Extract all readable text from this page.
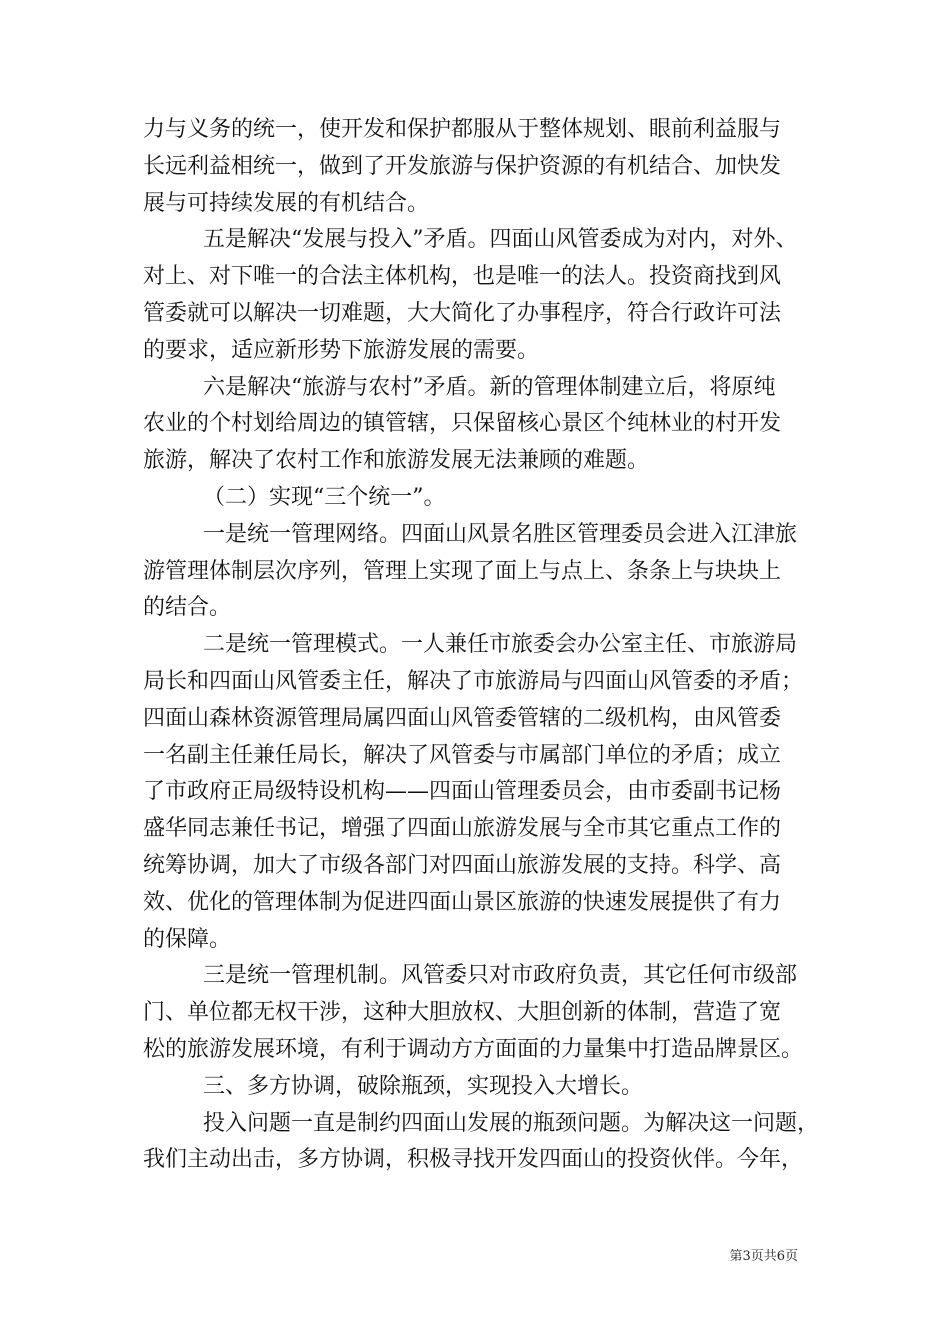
力与义务的统一，使开发和保护都服从于整体规划、眼前利益服与
长远利益相统一，做到了开发旅游与保护资源的有机结合、加快发
展与可持续发展的有机结合。
五是解决“发展与投入”矛盾。四面山风管委成为对内，对外、
对上、对下唯一的合法主体机构，也是唯一的法人。投资商找到风
管委就可以解决一切难题，大大简化了办事程序，符合行政许可法
的要求，适应新形势下旅游发展的需要。
六是解决“旅游与农村”矛盾。新的管理体制建立后，将原纯
农业的个村划给周边的镇管辖，只保留核心景区个纯林业的村开发
旅游，解决了农村工作和旅游发展无法兼顾的难题。
（二）实现“三个统一”。
一是统一管理网络。四面山风景名胜区管理委员会进入江津旅
游管理体制层次序列，管理上实现了面上与点上、条条上与块块上
的结合。
二是统一管理模式。一人兼任市旅委会办公室主任、市旅游局
局长和四面山风管委主任，解决了市旅游局与四面山风管委的矛盾；
四面山森林资源管理局属四面山风管委管辖的二级机构，由风管委
一名副主任兼任局长，解决了风管委与市属部门单位的矛盾；成立
了市政府正局级特设机构——四面山管理委员会，由市委副书记杨
盛华同志兼任书记，增强了四面山旅游发展与全市其它重点工作的
统筹协调，加大了市级各部门对四面山旅游发展的支持。科学、高
效、优化的管理体制为促进四面山景区旅游的快速发展提供了有力
的保障。
三是统一管理机制。风管委只对市政府负责，其它任何市级部
门、单位都无权干涉，这种大胆放权、大胆创新的体制，营造了宽
松的旅游发展环境，有利于调动方方面面的力量集中打造品牌景区。
三、多方协调，破除瓶颈，实现投入大增长。
投入问题一直是制约四面山发展的瓶颈问题。为解决这一问题，
我们主动出击，多方协调，积极寻找开发四面山的投资伙伴。今年，
第3页共6页
